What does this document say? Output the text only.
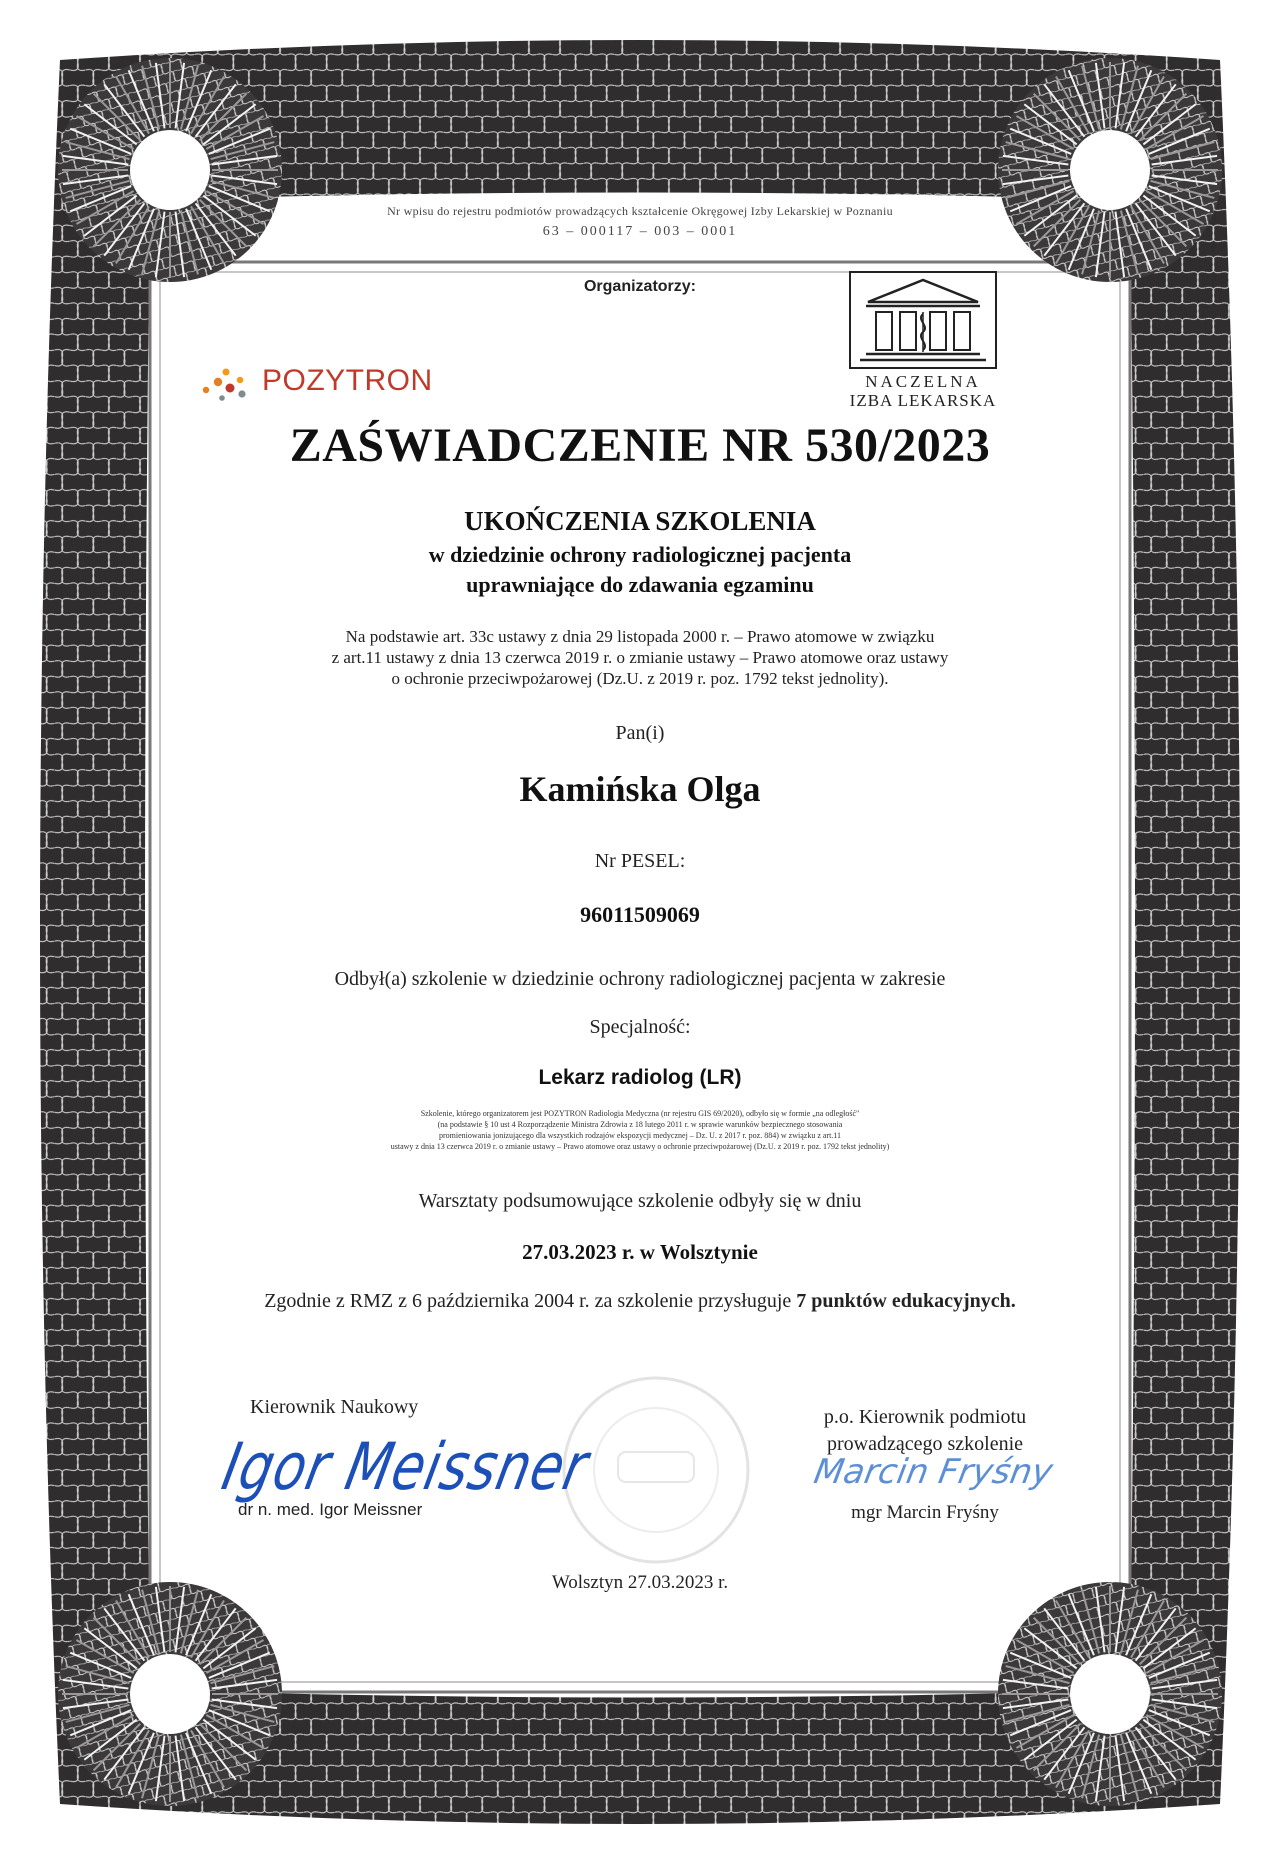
Nr wpisu do rejestru podmiotów prowadzących kształcenie Okręgowej Izby Lekarskiej w Poznaniu
63 – 000117 – 003 – 0001
Organizatorzy:
POZYTRON	NACZELNA
IZBA LEKARSKA
ZAŚWIADCZENIE NR 530/2023
UKOŃCZENIA SZKOLENIA
w dziedzinie ochrony radiologicznej pacjenta
uprawniające do zdawania egzaminu
Na podstawie art. 33c ustawy z dnia 29 listopada 2000 r. – Prawo atomowe w związku
z art.11 ustawy z dnia 13 czerwca 2019 r. o zmianie ustawy – Prawo atomowe oraz ustawy
o ochronie przeciwpożarowej (Dz.U. z 2019 r. poz. 1792 tekst jednolity).
Pan(i)
Kamińska Olga
Nr PESEL:
96011509069
Odbył(a) szkolenie w dziedzinie ochrony radiologicznej pacjenta w zakresie
Specjalność:
Lekarz radiolog (LR)
Szkolenie, którego organizatorem jest POZYTRON Radiologia Medyczna (nr rejestru GIS 69/2020), odbyło się w formie „na odległość"
(na podstawie § 10 ust 4 Rozporządzenie Ministra Zdrowia z 18 lutego 2011 r. w sprawie warunków bezpiecznego stosowania
promieniowania jonizującego dla wszystkich rodzajów ekspozycji medycznej – Dz. U. z 2017 r. poz. 884) w związku z art.11
ustawy z dnia 13 czerwca 2019 r. o zmianie ustawy – Prawo atomowe oraz ustawy o ochronie przeciwpożarowej (Dz.U. z 2019 r. poz. 1792 tekst jednolity)
Warsztaty podsumowujące szkolenie odbyły się w dniu
27.03.2023 r. w Wolsztynie
Zgodnie z RMZ z 6 października 2004 r. za szkolenie przysługuje 7 punktów edukacyjnych.
Kierownik Naukowy
Igor Meissner
dr n. med. Igor Meissner
p.o. Kierownik podmiotu
prowadzącego szkolenie
Marcin Fryśny
mgr Marcin Fryśny
Wolsztyn 27.03.2023 r.
